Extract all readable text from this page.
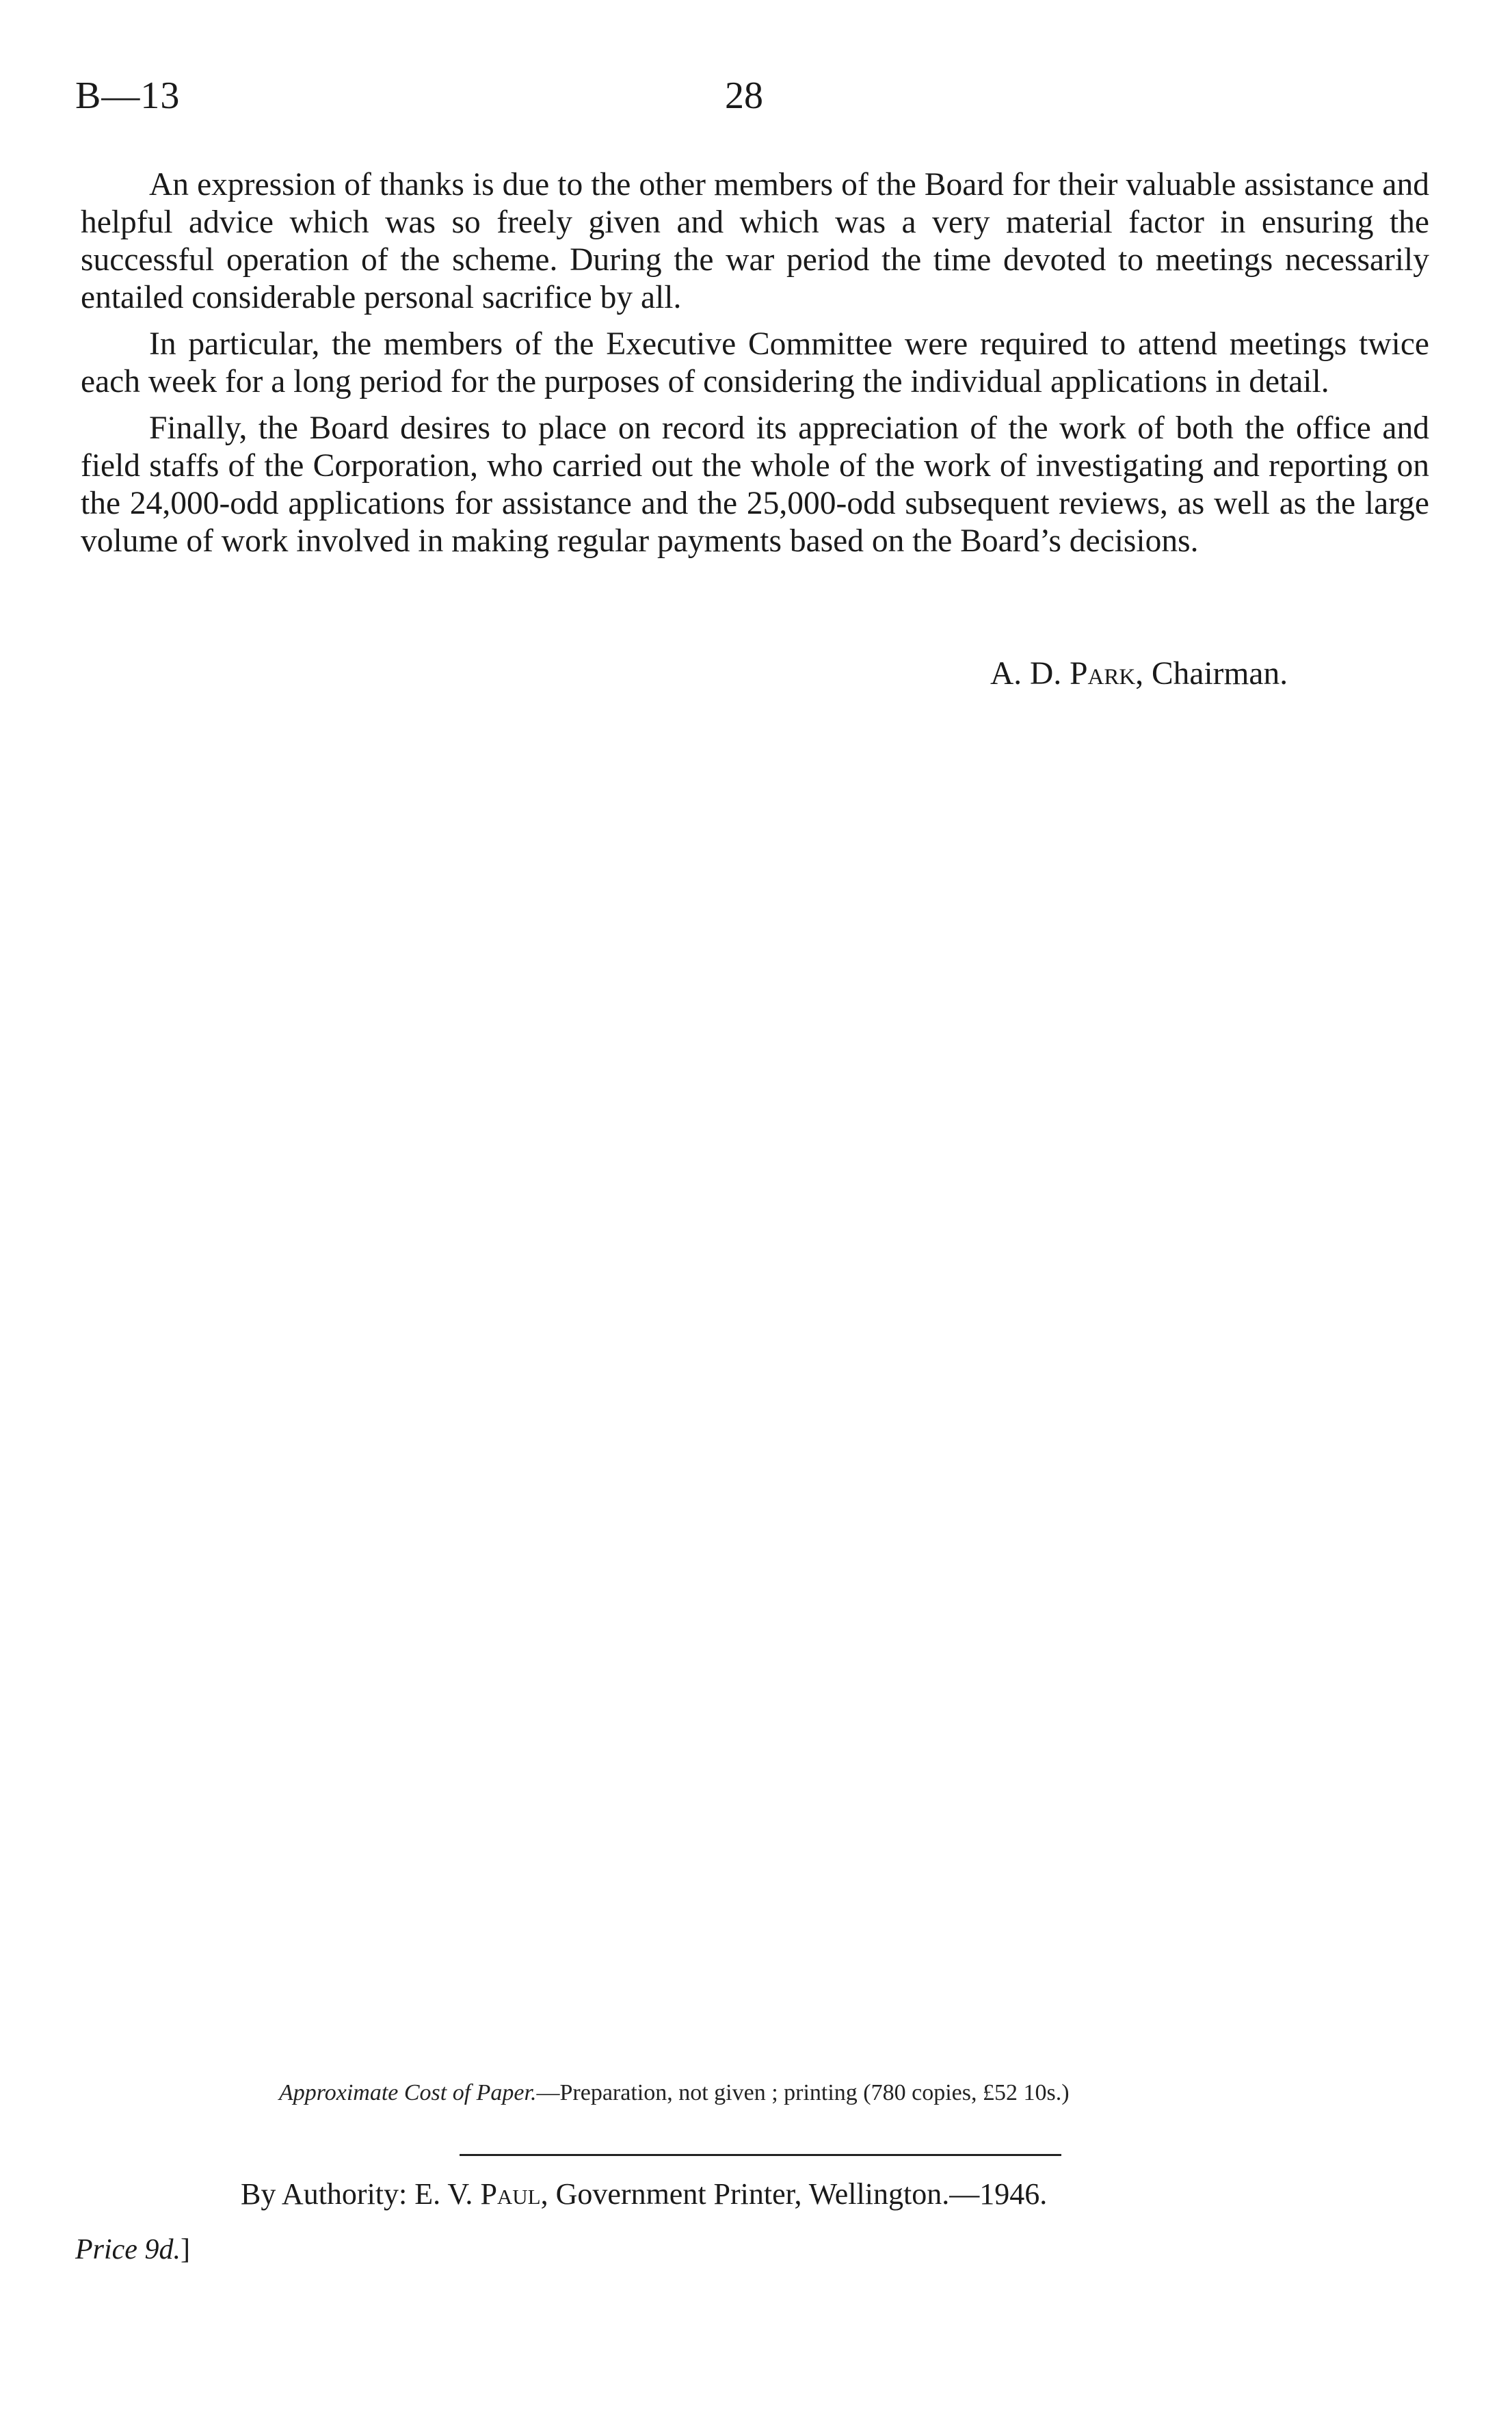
B—13	28

An expression of thanks is due to the other members of the Board for their valuable assistance and helpful advice which was so freely given and which was a very material factor in ensuring the successful operation of the scheme. During the war period the time devoted to meetings necessarily entailed considerable personal sacrifice by all.

In particular, the members of the Executive Committee were required to attend meetings twice each week for a long period for the purposes of considering the individual applications in detail.

Finally, the Board desires to place on record its appreciation of the work of both the office and field staffs of the Corporation, who carried out the whole of the work of investigating and reporting on the 24,000-odd applications for assistance and the 25,000-odd subsequent reviews, as well as the large volume of work involved in making regular payments based on the Board’s decisions.

A. D. Park, Chairman.
Approximate Cost of Paper.—Preparation, not given ; printing (780 copies, £52 10s.)
By Authority: E. V. Paul, Government Printer, Wellington.—1946.
Price 9d.]
